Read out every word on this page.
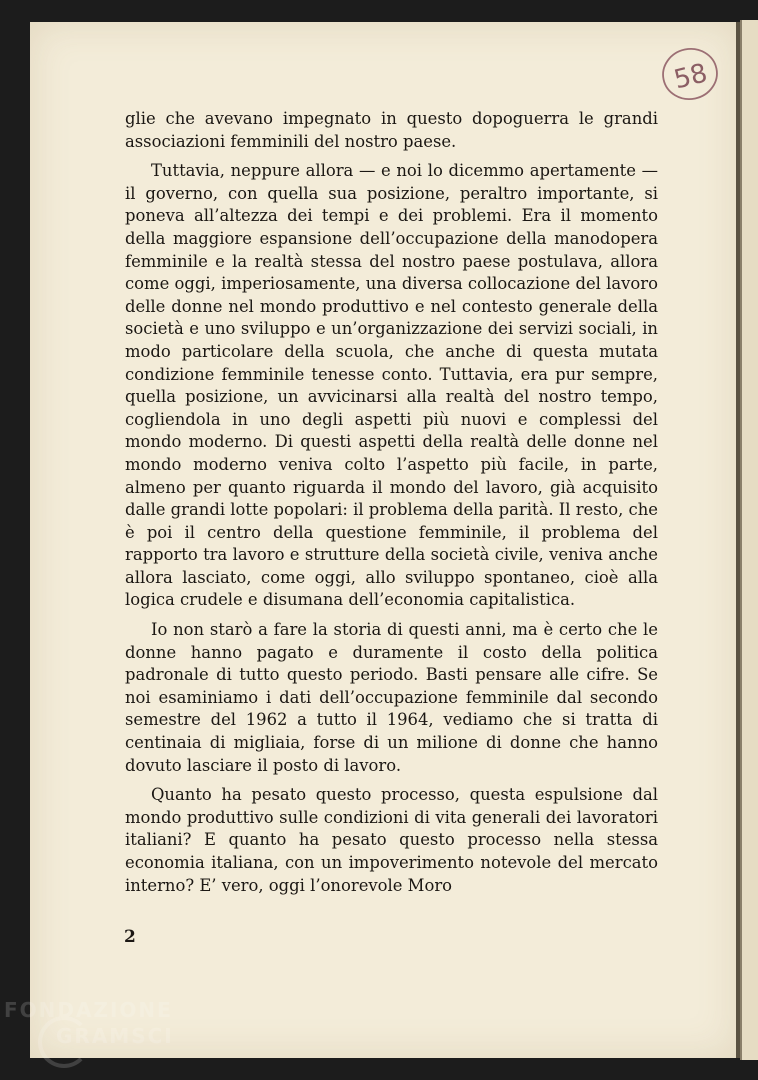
58

glie che avevano impegnato in questo dopoguerra le grandi associazioni femminili del nostro paese.

Tuttavia, neppure allora — e noi lo dicemmo apertamente — il governo, con quella sua posizione, peraltro importante, si poneva all’altezza dei tempi e dei problemi. Era il momento della maggiore espansione dell’occupazione della manodopera femminile e la realtà stessa del nostro paese postulava, allora come oggi, imperiosamente, una diversa collocazione del lavoro delle donne nel mondo produttivo e nel contesto generale della società e uno sviluppo e un’organizzazione dei servizi sociali, in modo particolare della scuola, che anche di questa mutata condizione femminile tenesse conto. Tuttavia, era pur sempre, quella posizione, un avvicinarsi alla realtà del nostro tempo, cogliendola in uno degli aspetti più nuovi e complessi del mondo moderno. Di questi aspetti della realtà delle donne nel mondo moderno veniva colto l’aspetto più facile, in parte, almeno per quanto riguarda il mondo del lavoro, già acquisito dalle grandi lotte popolari: il problema della parità. Il resto, che è poi il centro della questione femminile, il problema del rapporto tra lavoro e strutture della società civile, veniva anche allora lasciato, come oggi, allo sviluppo spontaneo, cioè alla logica crudele e disumana dell’economia capitalistica.

Io non starò a fare la storia di questi anni, ma è certo che le donne hanno pagato e duramente il costo della politica padronale di tutto questo periodo. Basti pensare alle cifre. Se noi esaminiamo i dati dell’occupazione femminile dal secondo semestre del 1962 a tutto il 1964, vediamo che si tratta di centinaia di migliaia, forse di un milione di donne che hanno dovuto lasciare il posto di lavoro.

Quanto ha pesato questo processo, questa espulsione dal mondo produttivo sulle condizioni di vita generali dei lavoratori italiani? E quanto ha pesato questo processo nella stessa economia italiana, con un impoverimento notevole del mercato interno? E’ vero, oggi l’onorevole Moro

2
FONDAZIONE
GRAMSCI
